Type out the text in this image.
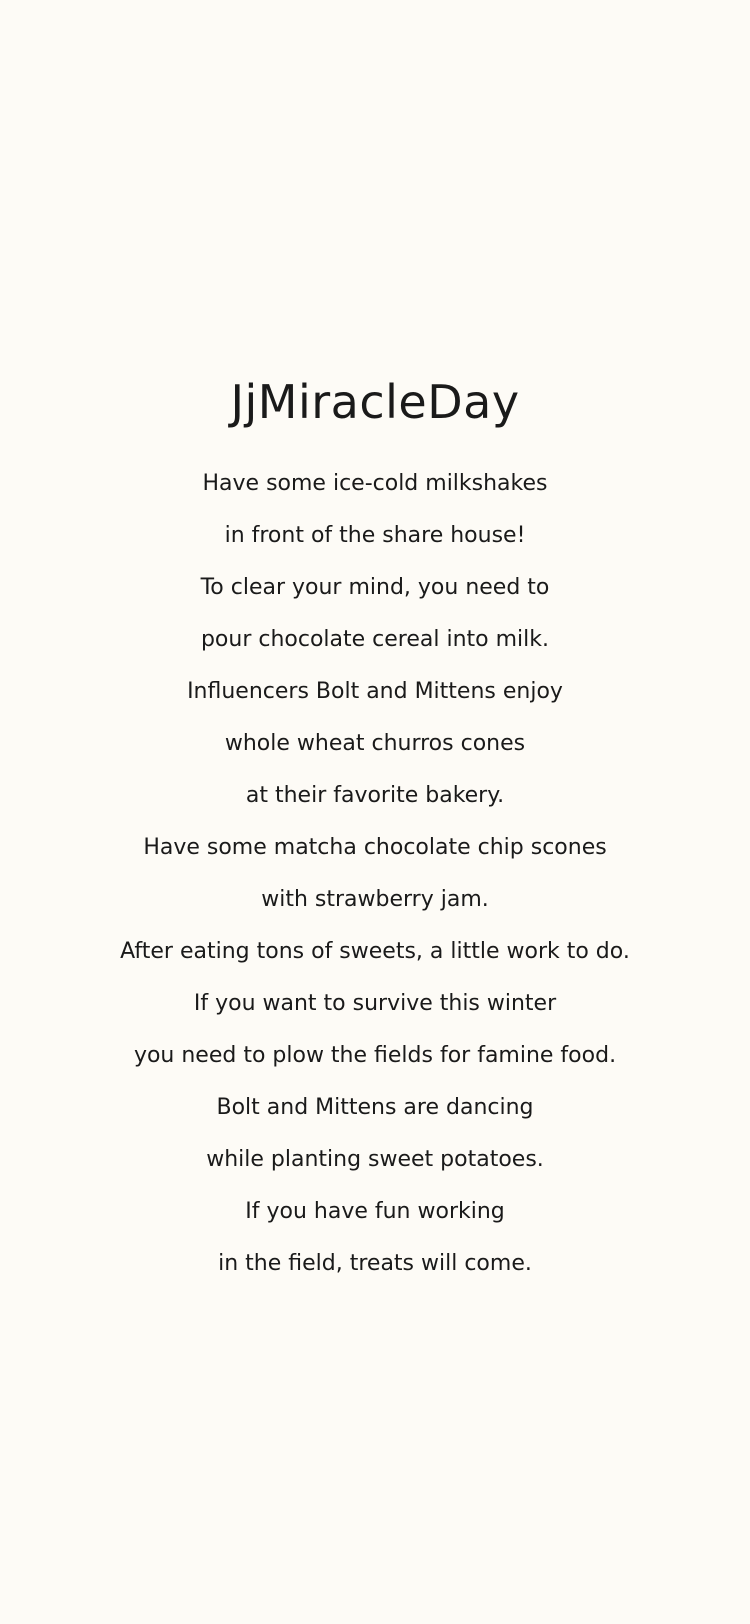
JjMiracleDay
Have some ice-cold milkshakes
in front of the share house!
To clear your mind, you need to
pour chocolate cereal into milk.
Influencers Bolt and Mittens enjoy
whole wheat churros cones
at their favorite bakery.
Have some matcha chocolate chip scones
with strawberry jam.
After eating tons of sweets, a little work to do.
If you want to survive this winter
you need to plow the fields for famine food.
Bolt and Mittens are dancing
while planting sweet potatoes.
If you have fun working
in the field, treats will come.
